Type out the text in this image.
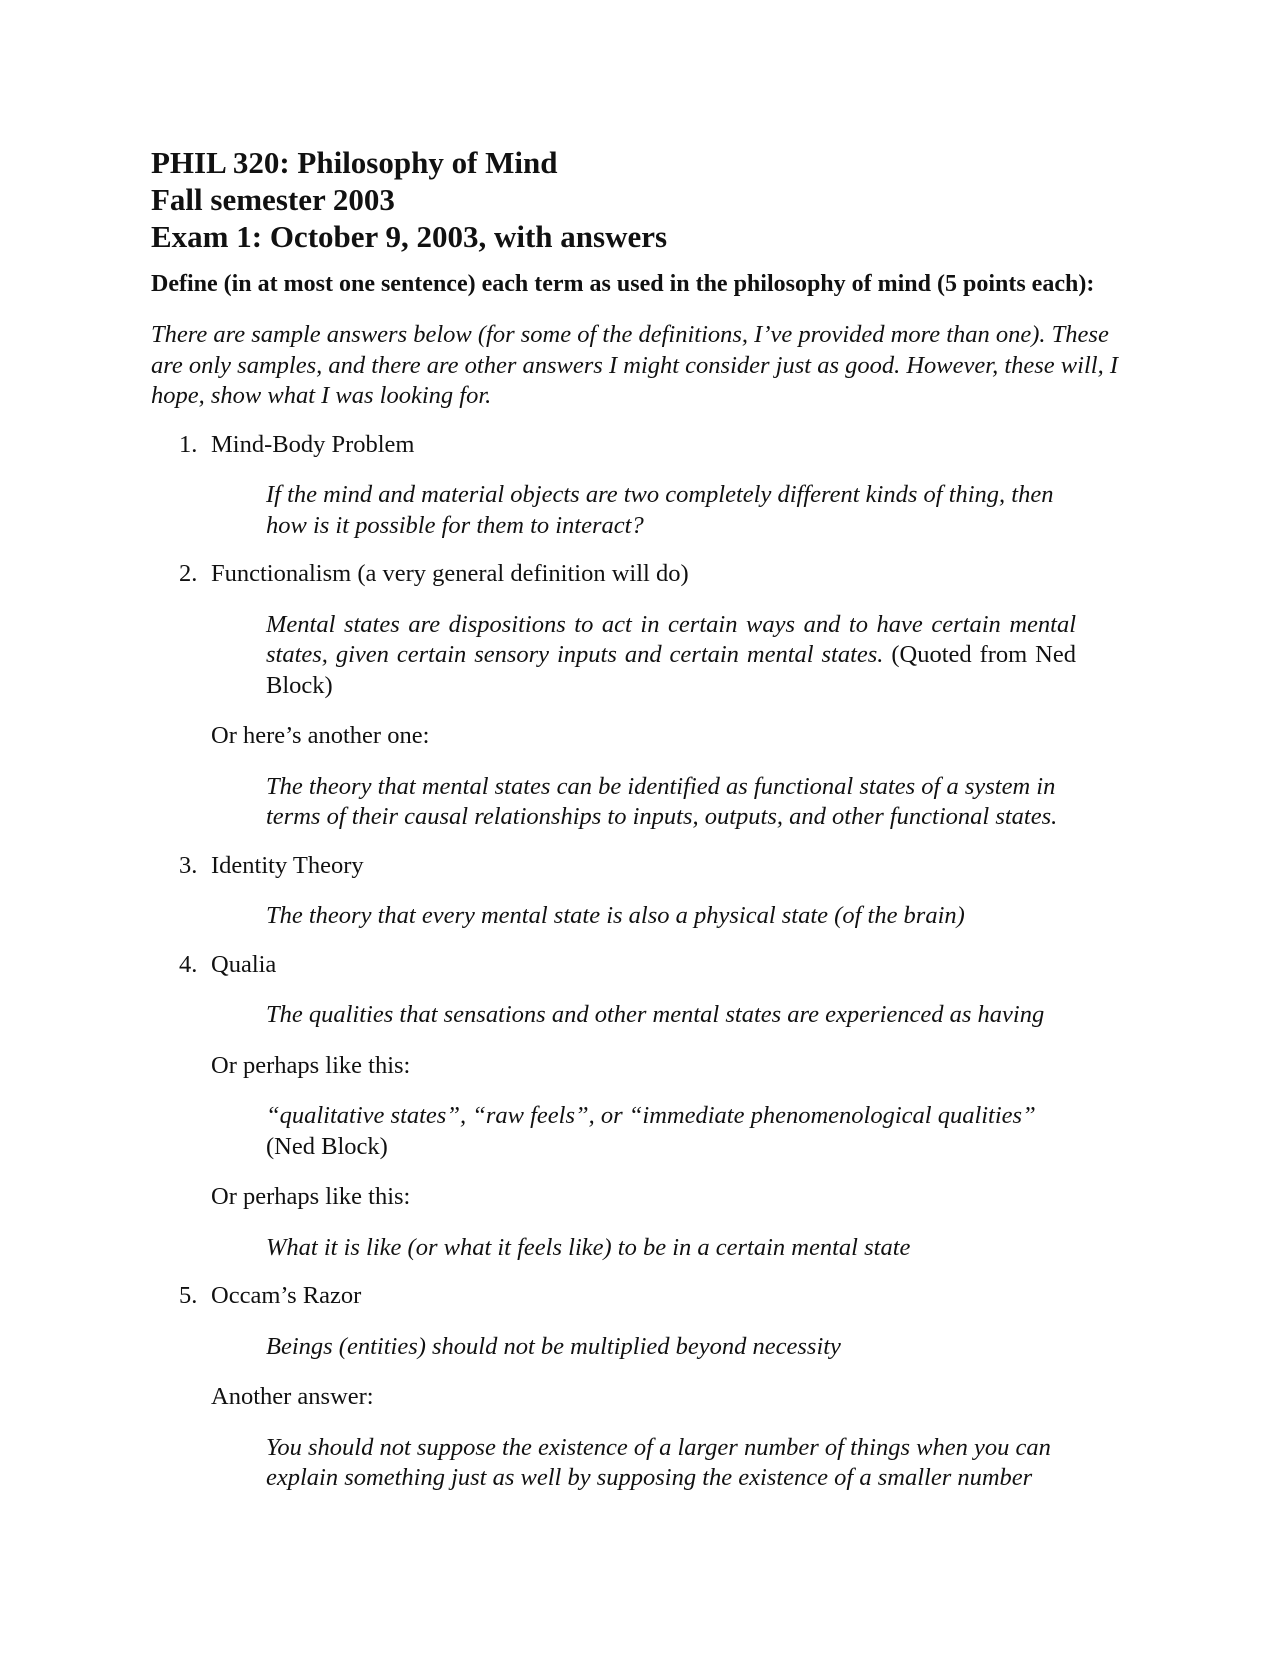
PHIL 320: Philosophy of Mind

Fall semester 2003

Exam 1: October 9, 2003, with answers

Define (in at most one sentence) each term as used in the philosophy of mind (5 points each):

There are sample answers below (for some of the definitions, I’ve provided more than one). These are only samples, and there are other answers I might consider just as good. However, these will, I hope, show what I was looking for.

1. Mind-Body Problem

If the mind and material objects are two completely different kinds of thing, then how is it possible for them to interact?

2. Functionalism (a very general definition will do)

Mental states are dispositions to act in certain ways and to have certain mental states, given certain sensory inputs and certain mental states. (Quoted from Ned Block)

Or here’s another one:

The theory that mental states can be identified as functional states of a system in terms of their causal relationships to inputs, outputs, and other functional states.

3. Identity Theory

The theory that every mental state is also a physical state (of the brain)

4. Qualia

The qualities that sensations and other mental states are experienced as having

Or perhaps like this:

“qualitative states”, “raw feels”, or “immediate phenomenological qualities” (Ned Block)

Or perhaps like this:

What it is like (or what it feels like) to be in a certain mental state

5. Occam’s Razor

Beings (entities) should not be multiplied beyond necessity

Another answer:

You should not suppose the existence of a larger number of things when you can explain something just as well by supposing the existence of a smaller number
